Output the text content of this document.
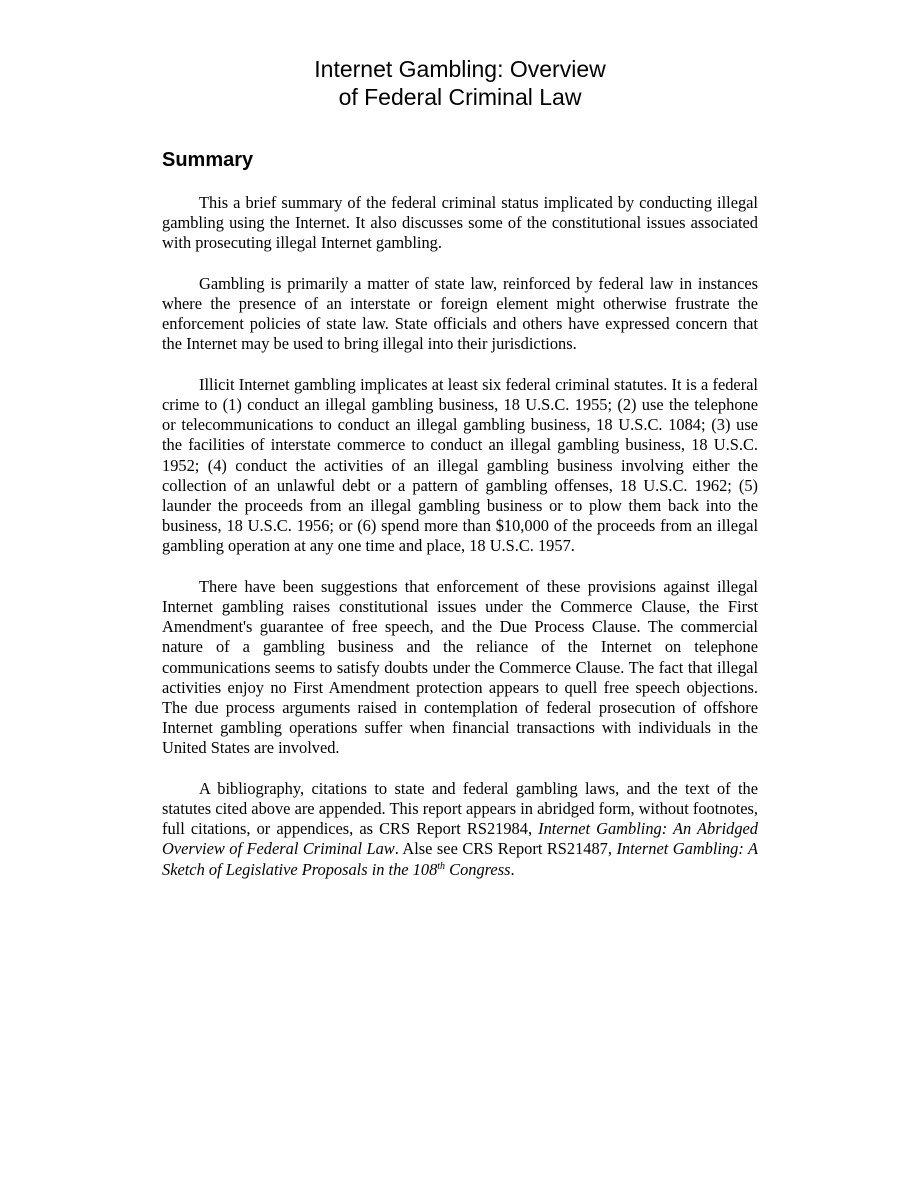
Internet Gambling: Overview
of Federal Criminal Law
Summary

This a brief summary of the federal criminal status implicated by conducting illegal gambling using the Internet. It also discusses some of the constitutional issues associated with prosecuting illegal Internet gambling.

Gambling is primarily a matter of state law, reinforced by federal law in instances where the presence of an interstate or foreign element might otherwise frustrate the enforcement policies of state law. State officials and others have expressed concern that the Internet may be used to bring illegal into their jurisdictions.

Illicit Internet gambling implicates at least six federal criminal statutes. It is a federal crime to (1) conduct an illegal gambling business, 18 U.S.C. 1955; (2) use the telephone or telecommunications to conduct an illegal gambling business, 18 U.S.C. 1084; (3) use the facilities of interstate commerce to conduct an illegal gambling business, 18 U.S.C. 1952; (4) conduct the activities of an illegal gambling business involving either the collection of an unlawful debt or a pattern of gambling offenses, 18 U.S.C. 1962; (5) launder the proceeds from an illegal gambling business or to plow them back into the business, 18 U.S.C. 1956; or (6) spend more than $10,000 of the proceeds from an illegal gambling operation at any one time and place, 18 U.S.C. 1957.

There have been suggestions that enforcement of these provisions against illegal Internet gambling raises constitutional issues under the Commerce Clause, the First Amendment's guarantee of free speech, and the Due Process Clause. The commercial nature of a gambling business and the reliance of the Internet on telephone communications seems to satisfy doubts under the Commerce Clause. The fact that illegal activities enjoy no First Amendment protection appears to quell free speech objections. The due process arguments raised in contemplation of federal prosecution of offshore Internet gambling operations suffer when financial transactions with individuals in the United States are involved.

A bibliography, citations to state and federal gambling laws, and the text of the statutes cited above are appended. This report appears in abridged form, without footnotes, full citations, or appendices, as CRS Report RS21984, Internet Gambling: An Abridged Overview of Federal Criminal Law. Alse see CRS Report RS21487, Internet Gambling: A Sketch of Legislative Proposals in the 108th Congress.
